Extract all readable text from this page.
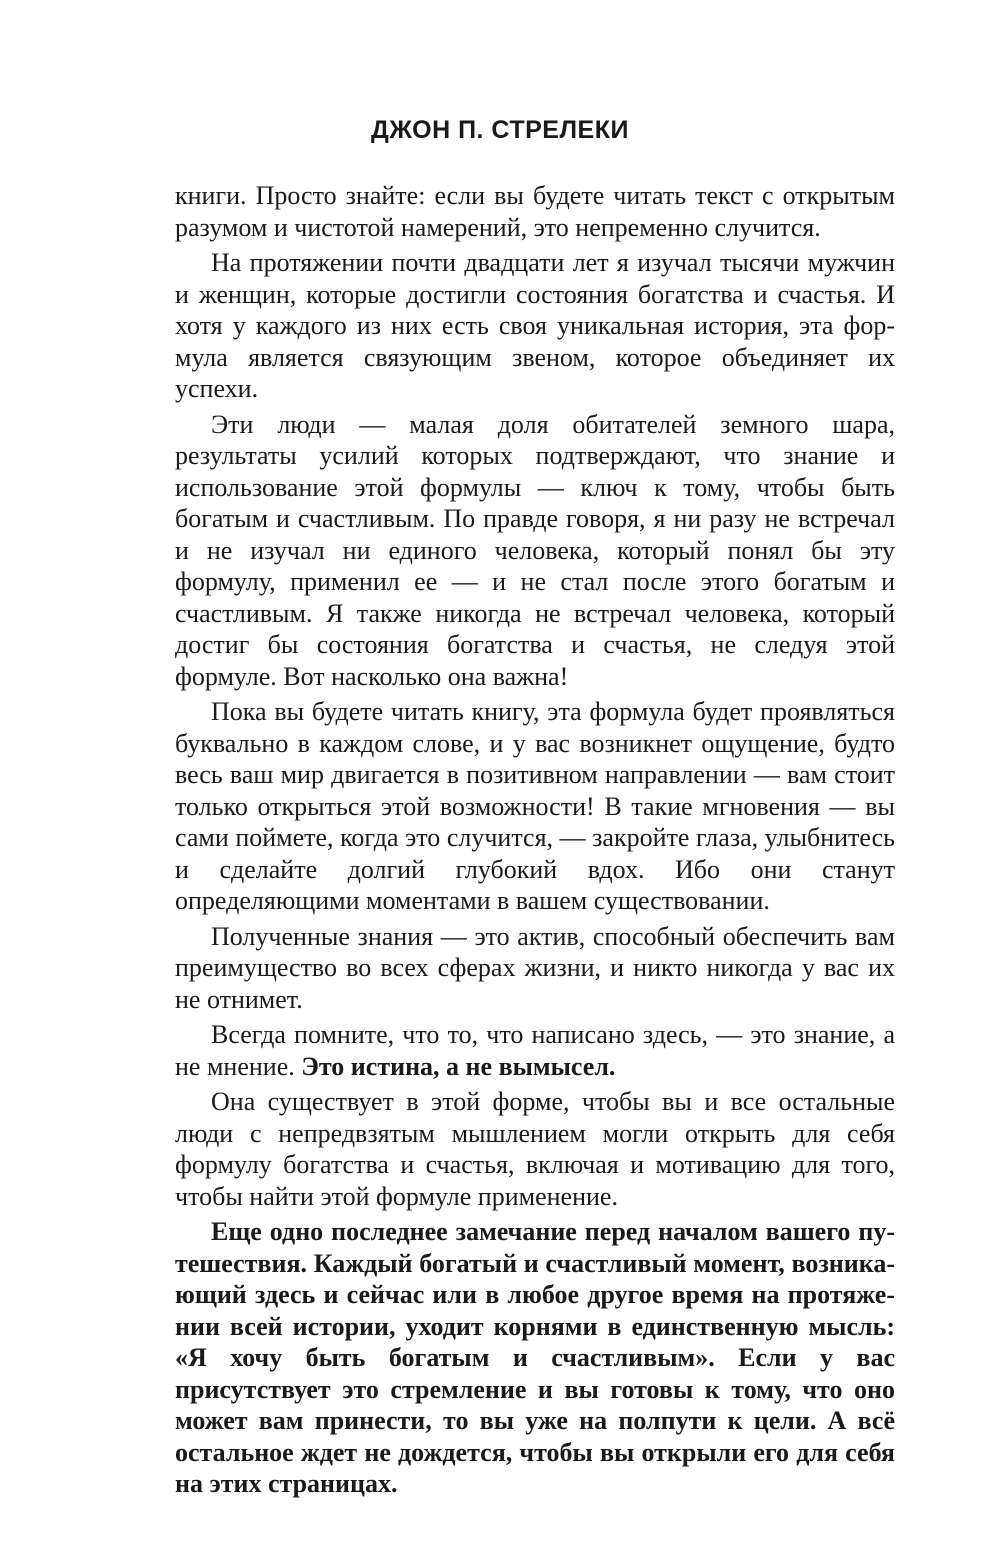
ДЖОН П. СТРЕЛЕКИ

книги. Просто знайте: если вы будете читать текст с открытым разумом и чистотой намерений, это непременно случится.

На протяжении почти двадцати лет я изучал тысячи мужчин и женщин, которые достигли состояния богатства и счастья. И хотя у каждого из них есть своя уникальная история, эта формула является связующим звеном, которое объединяет их успехи.

Эти люди — малая доля обитателей земного шара, результаты усилий которых подтверждают, что знание и использование этой формулы — ключ к тому, чтобы быть богатым и счастливым. По правде говоря, я ни разу не встречал и не изучал ни единого человека, который понял бы эту формулу, применил ее — и не стал после этого богатым и счастливым. Я также никогда не встречал человека, который достиг бы состояния богатства и счастья, не следуя этой формуле. Вот насколько она важна!

Пока вы будете читать книгу, эта формула будет проявляться буквально в каждом слове, и у вас возникнет ощущение, будто весь ваш мир двигается в позитивном направлении — вам стоит только открыться этой возможности! В такие мгновения — вы сами поймете, когда это случится, — закройте глаза, улыбнитесь и сделайте долгий глубокий вдох. Ибо они станут определяющими моментами в вашем существовании.

Полученные знания — это актив, способный обеспечить вам преимущество во всех сферах жизни, и никто никогда у вас их не отнимет.

Всегда помните, что то, что написано здесь, — это знание, а не мнение. Это истина, а не вымысел.

Она существует в этой форме, чтобы вы и все остальные люди с непредвзятым мышлением могли открыть для себя формулу богатства и счастья, включая и мотивацию для того, чтобы найти этой формуле применение.

Еще одно последнее замечание перед началом вашего путешествия. Каждый богатый и счастливый момент, возникающий здесь и сейчас или в любое другое время на протяжении всей истории, уходит корнями в единственную мысль: «Я хочу быть богатым и счастливым». Если у вас присутствует это стремление и вы готовы к тому, что оно может вам принести, то вы уже на полпути к цели. А всё остальное ждет не дождется, чтобы вы открыли его для себя на этих страницах.
